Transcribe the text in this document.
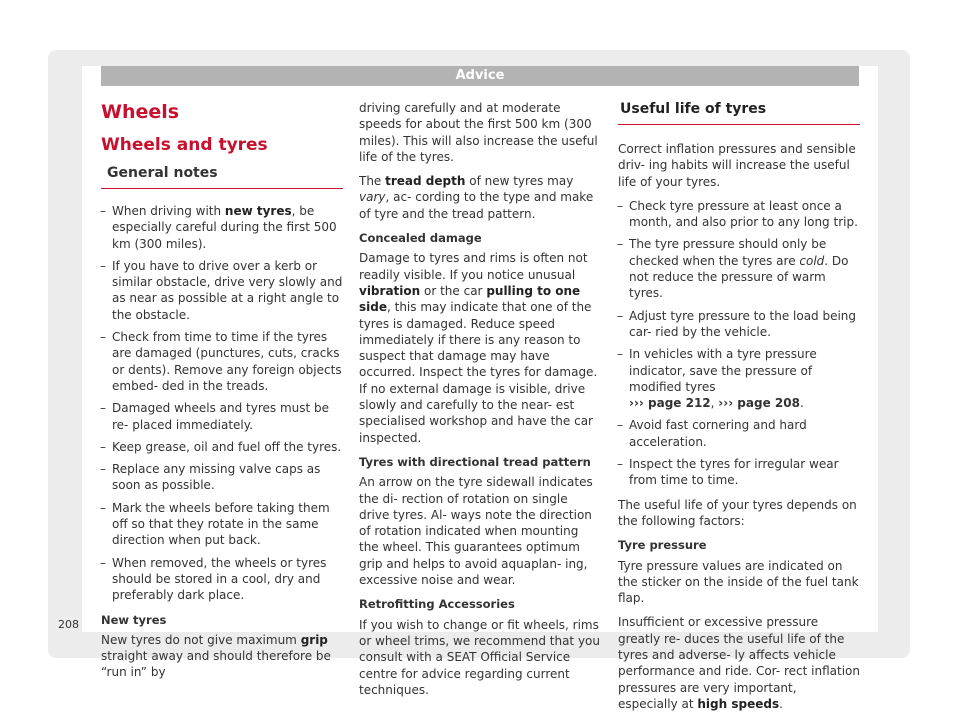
Advice
Wheels
Wheels and tyres
General notes
– When driving with new tyres, be especially careful during the first 500 km (300 miles).
– If you have to drive over a kerb or similar obstacle, drive very slowly and as near as possible at a right angle to the obstacle.
– Check from time to time if the tyres are damaged (punctures, cuts, cracks or dents). Remove any foreign objects embed- ded in the treads.
– Damaged wheels and tyres must be re- placed immediately.
– Keep grease, oil and fuel off the tyres.
– Replace any missing valve caps as soon as possible.
– Mark the wheels before taking them off so that they rotate in the same direction when put back.
– When removed, the wheels or tyres should be stored in a cool, dry and preferably dark place.
New tyres

New tyres do not give maximum grip straight away and should therefore be “run in” by

driving carefully and at moderate speeds for about the first 500 km (300 miles). This will also increase the useful life of the tyres.

The tread depth of new tyres may vary, ac- cording to the type and make of tyre and the tread pattern.

Concealed damage

Damage to tyres and rims is often not readily visible. If you notice unusual vibration or the car pulling to one side, this may indicate that one of the tyres is damaged. Reduce speed immediately if there is any reason to suspect that damage may have occurred. Inspect the tyres for damage. If no external damage is visible, drive slowly and carefully to the near- est specialised workshop and have the car inspected.

Tyres with directional tread pattern

An arrow on the tyre sidewall indicates the di- rection of rotation on single drive tyres. Al- ways note the direction of rotation indicated when mounting the wheel. This guarantees optimum grip and helps to avoid aquaplan- ing, excessive noise and wear.

Retrofitting Accessories

If you wish to change or fit wheels, rims or wheel trims, we recommend that you consult with a SEAT Official Service centre for advice regarding current techniques.

Useful life of tyres

Correct inflation pressures and sensible driv- ing habits will increase the useful life of your tyres.

– Check tyre pressure at least once a month, and also prior to any long trip.
– The tyre pressure should only be checked when the tyres are cold. Do not reduce the pressure of warm tyres.
– Adjust tyre pressure to the load being car- ried by the vehicle.
– In vehicles with a tyre pressure indicator, save the pressure of modified tyres
››› page 212, ››› page 208.
– Avoid fast cornering and hard acceleration.
– Inspect the tyres for irregular wear from time to time.

The useful life of your tyres depends on the following factors:

Tyre pressure

Tyre pressure values are indicated on the sticker on the inside of the fuel tank flap.

Insufficient or excessive pressure greatly re- duces the useful life of the tyres and adverse- ly affects vehicle performance and ride. Cor- rect inflation pressures are very important, especially at high speeds.

208
